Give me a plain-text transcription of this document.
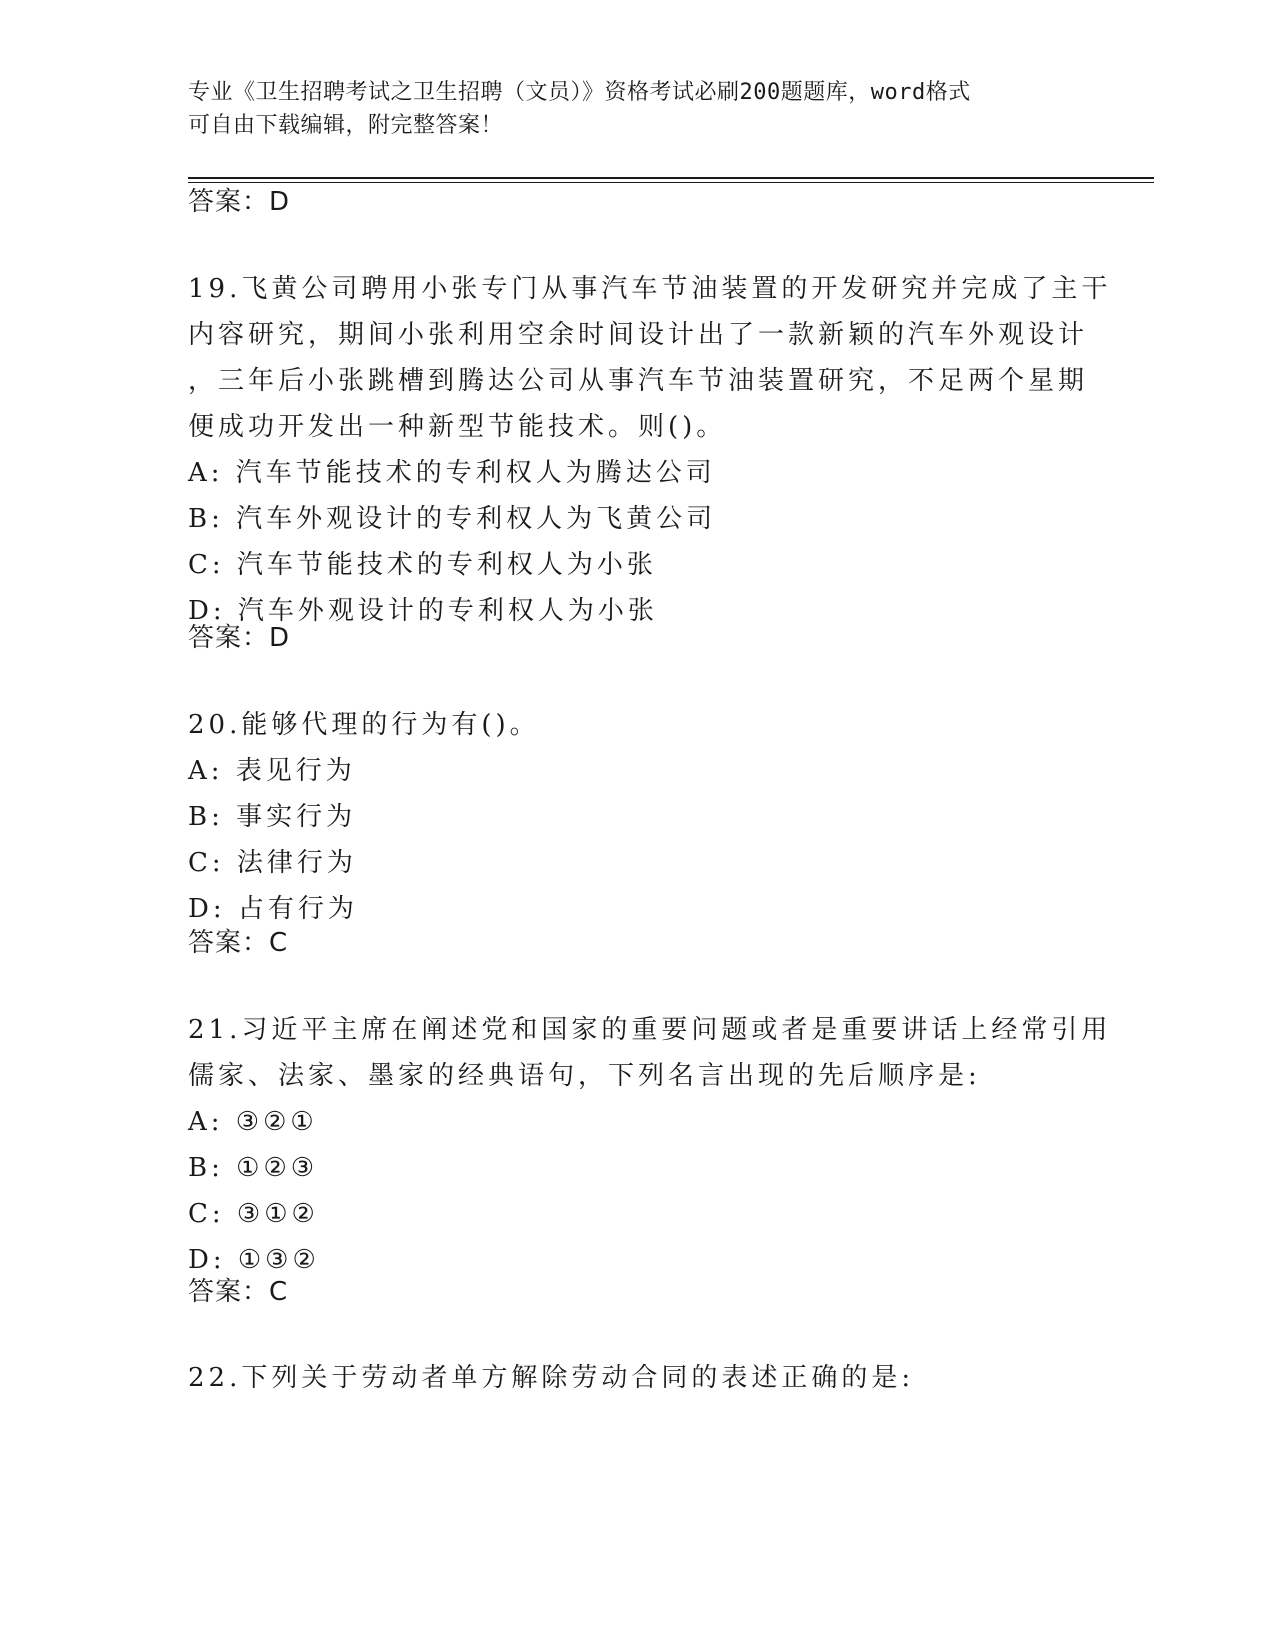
专业《卫生招聘考试之卫生招聘（文员）》资格考试必刷200题题库，word格式
可自由下载编辑，附完整答案！
答案：D
19.飞黄公司聘用小张专门从事汽车节油装置的开发研究并完成了主干
内容研究，期间小张利用空余时间设计出了一款新颖的汽车外观设计
，三年后小张跳槽到腾达公司从事汽车节油装置研究，不足两个星期
便成功开发出一种新型节能技术。则()。
A: 汽车节能技术的专利权人为腾达公司
B: 汽车外观设计的专利权人为飞黄公司
C: 汽车节能技术的专利权人为小张
D: 汽车外观设计的专利权人为小张
答案：D
20.能够代理的行为有()。
A: 表见行为
B: 事实行为
C: 法律行为
D: 占有行为
答案：C
21.习近平主席在阐述党和国家的重要问题或者是重要讲话上经常引用
儒家、法家、墨家的经典语句，下列名言出现的先后顺序是:
A: ③②①
B: ①②③
C: ③①②
D: ①③②
答案：C
22.下列关于劳动者单方解除劳动合同的表述正确的是:
